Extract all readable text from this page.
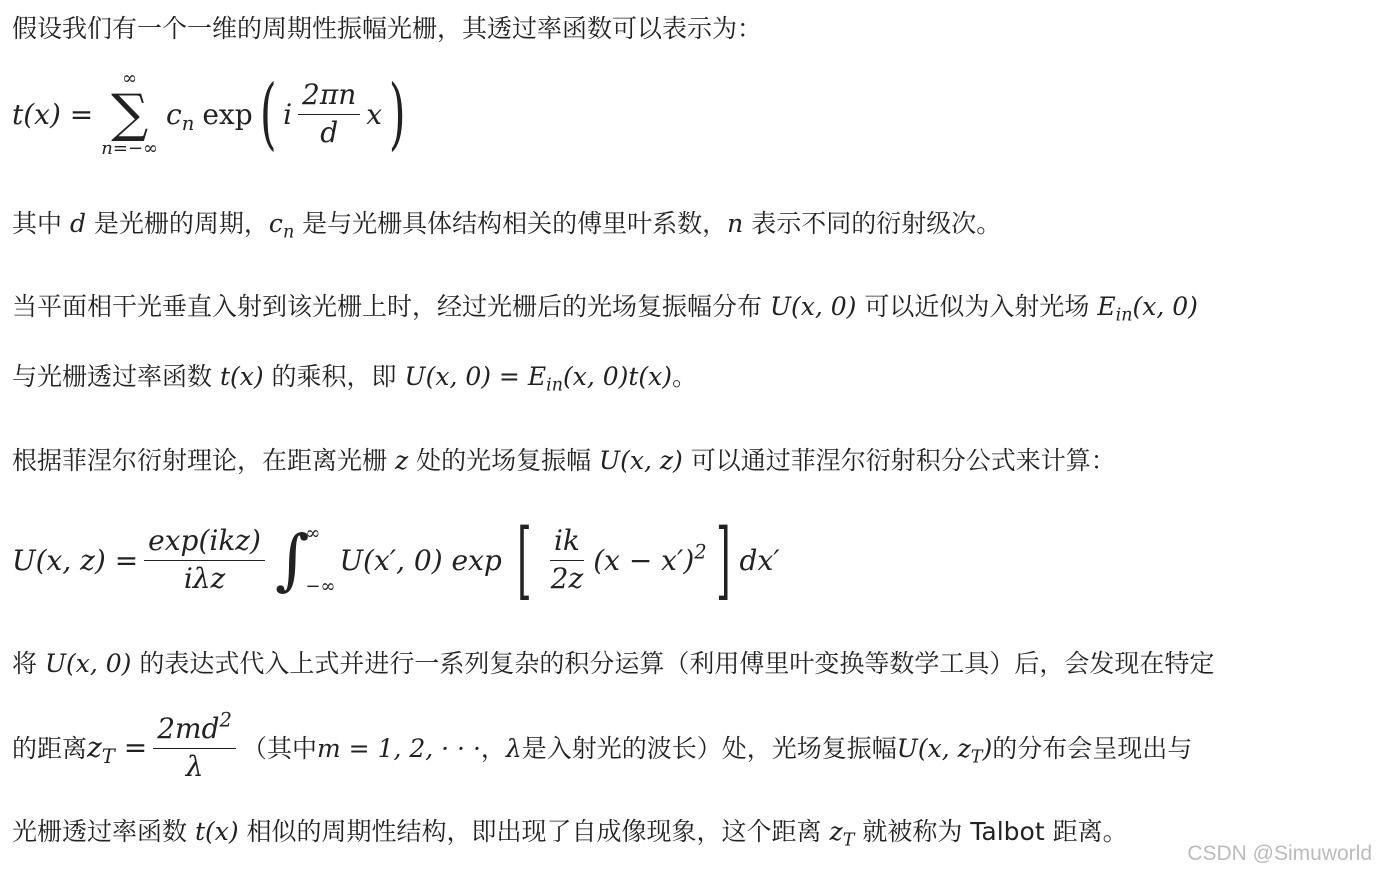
假设我们有一个一维的周期性振幅光栅，其透过率函数可以表示为：
t(x) =
∞
∑
n=−∞
$c_n$ exp ( i $\frac{2\pi n}{d}$ x )
其中 d 是光栅的周期，$c_n$ 是与光栅具体结构相关的傅里叶系数，n 表示不同的衍射级次。
当平面相干光垂直入射到该光栅上时，经过光栅后的光场复振幅分布 U(x, 0) 可以近似为入射光场 $E_{in}(x$, 0)
与光栅透过率函数 t(x) 的乘积，即 U(x, $0) = E_{in}(x$, 0)t(x)。
根据菲涅尔衍射理论，在距离光栅 z 处的光场复振幅 U(x, z) 可以通过菲涅尔衍射积分公式来计算：
U(x, $z) = \frac{\text{exp(ikz)}}{\text{iλz}}$ ∫
∞
−∞
U(x′, 0) exp [ $\frac{ik}{2z} (x - x')^2$ ] dx′
将 U(x, 0) 的表达式代入上式并进行一系列复杂的积分运算（利用傅里叶变换等数学工具）后，会发现在特定
的距离 $z_T = \frac{2md^2}{\lambda}$ （其中 m = 1, 2, · · · ， λ 是入射光的波长）处，光场复振幅 U(x, $z_T$) 的分布会呈现出与
光栅透过率函数 t(x) 相似的周期性结构，即出现了自成像现象，这个距离 $z_T$ 就被称为 Talbot 距离。
CSDN @Simuworld
